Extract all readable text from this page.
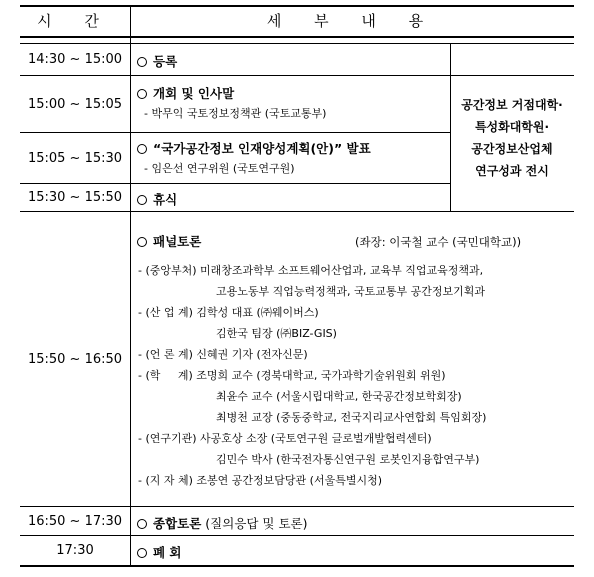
시 간	세 부 내 용
14:30 ~ 15:00
15:00 ~ 15:05
15:05 ~ 15:30
15:30 ~ 15:50
15:50 ~ 16:50
16:50 ~ 17:30
17:30
등록
개회 및 인사말
- 박무익 국토정보정책관 (국토교통부)
“국가공간정보 인재양성계획(안)” 발표
- 임은선 연구위원 (국토연구원)
휴식
공간정보 거점대학·
특성화대학원·
공간정보산업체
연구성과 전시
패널토론	(좌장: 이국철 교수 (국민대학교))
- (중앙부처) 미래창조과학부 소프트웨어산업과, 교육부 직업교육정책과,
고용노동부 직업능력정책과, 국토교통부 공간정보기획과
- (산 업 계) 김학성 대표 (㈜웨이버스)
김한국 팀장 (㈜BIZ-GIS)
- (언 론 계) 신혜권 기자 (전자신문)
- (학     계) 조명희 교수 (경북대학교, 국가과학기술위원회 위원)
최윤수 교수 (서울시립대학교, 한국공간정보학회장)
최병천 교장 (중동중학교, 전국지리교사연합회 특임회장)
- (연구기관) 사공호상 소장 (국토연구원 글로벌개발협력센터)
김민수 박사 (한국전자통신연구원 로봇인지융합연구부)
- (지 자 체) 조봉연 공간정보담당관 (서울특별시청)
종합토론 (질의응답 및 토론)
폐 회
